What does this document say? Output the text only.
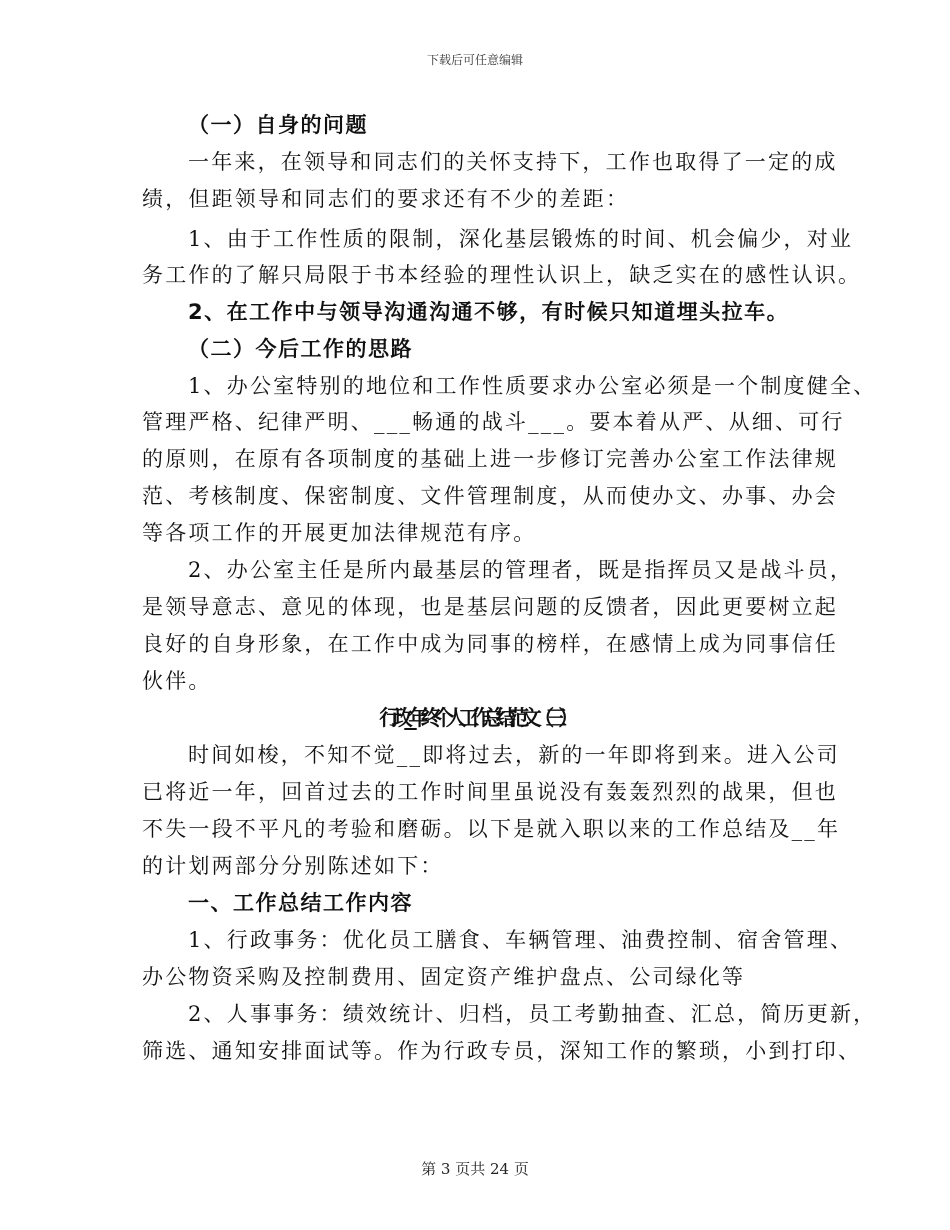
下载后可任意编辑
（一）自身的问题
一年来，在领导和同志们的关怀支持下，工作也取得了一定的成
绩，但距领导和同志们的要求还有不少的差距：
1、由于工作性质的限制，深化基层锻炼的时间、机会偏少，对业
务工作的了解只局限于书本经验的理性认识上，缺乏实在的感性认识。
2、在工作中与领导沟通沟通不够，有时候只知道埋头拉车。
（二）今后工作的思路
1、办公室特别的地位和工作性质要求办公室必须是一个制度健全、
管理严格、纪律严明、___畅通的战斗___。要本着从严、从细、可行
的原则，在原有各项制度的基础上进一步修订完善办公室工作法律规
范、考核制度、保密制度、文件管理制度，从而使办文、办事、办会
等各项工作的开展更加法律规范有序。
2、办公室主任是所内最基层的管理者，既是指挥员又是战斗员，
是领导意志、意见的体现，也是基层问题的反馈者，因此更要树立起
良好的自身形象，在工作中成为同事的榜样，在感情上成为同事信任
伙伴。
行政__年终个人工作总结范文（三）
时间如梭，不知不觉__即将过去，新的一年即将到来。进入公司
已将近一年，回首过去的工作时间里虽说没有轰轰烈烈的战果，但也
不失一段不平凡的考验和磨砺。以下是就入职以来的工作总结及__年
的计划两部分分别陈述如下：
一、工作总结工作内容
1、行政事务：优化员工膳食、车辆管理、油费控制、宿舍管理、
办公物资采购及控制费用、固定资产维护盘点、公司绿化等
2、人事事务：绩效统计、归档，员工考勤抽查、汇总，简历更新，
筛选、通知安排面试等。作为行政专员，深知工作的繁琐，小到打印、
第 3 页共 24 页
